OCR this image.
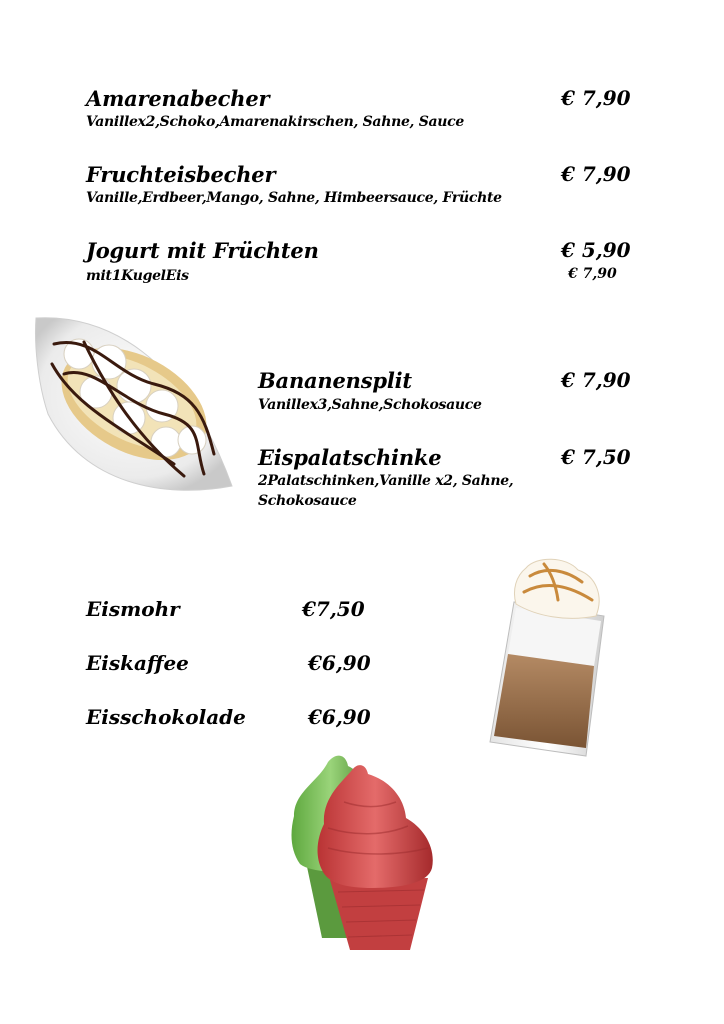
Amarenabecher	€ 7,90
Vanillex2,Schoko,Amarenakirschen, Sahne, Sauce
Fruchteisbecher	€ 7,90
Vanille,Erdbeer,Mango, Sahne, Himbeersauce, Früchte
Jogurt mit Früchten	€ 5,90
mit1KugelEis	€ 7,90
Bananensplit	€ 7,90
Vanillex3,Sahne,Schokosauce
Eispalatschinke	€ 7,50
2Palatschinken,Vanille x2, Sahne,
Schokosauce
Eismohr	€7,50
Eiskaffee	€6,90
Eisschokolade	€6,90
